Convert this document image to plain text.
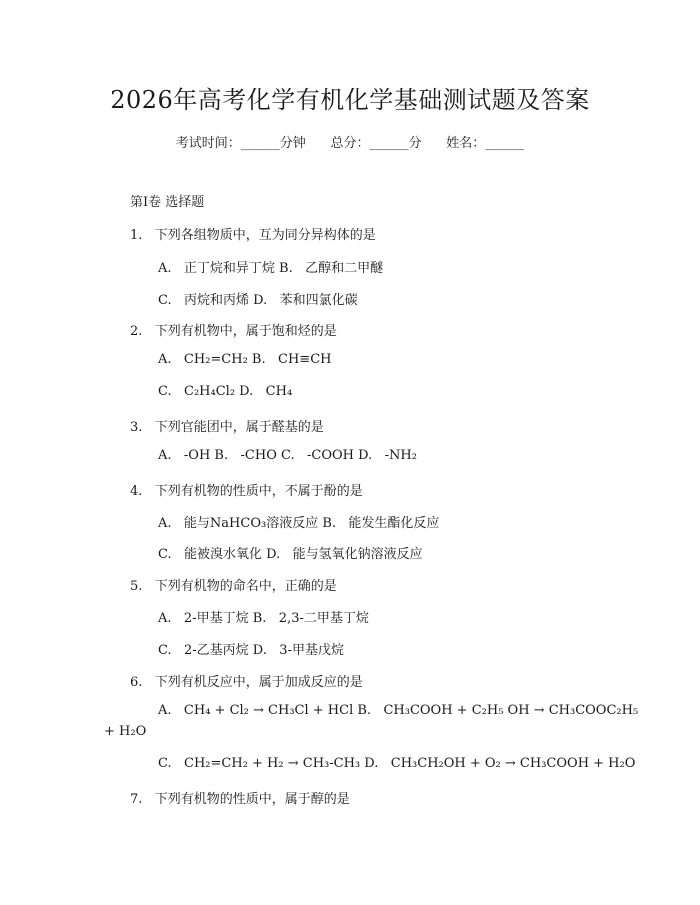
2026年高考化学有机化学基础测试题及答案
考试时间：______分钟      总分：______分      姓名：______
第Ⅰ卷 选择题
1.   下列各组物质中，互为同分异构体的是
A.   正丁烷和异丁烷 B.   乙醇和二甲醚
C.   丙烷和丙烯 D.   苯和四氯化碳
2.   下列有机物中，属于饱和烃的是
A.   CH₂=CH₂ B.   CH≡CH
C.   C₂H₄Cl₂ D.   CH₄
3.   下列官能团中，属于醛基的是
A.   -OH B.   -CHO C.   -COOH D.   -NH₂
4.   下列有机物的性质中，不属于酚的是
A.   能与NaHCO₃溶液反应 B.   能发生酯化反应
C.   能被溴水氧化 D.   能与氢氧化钠溶液反应
5.   下列有机物的命名中，正确的是
A.   2-甲基丁烷 B.   2,3-二甲基丁烷
C.   2-乙基丙烷 D.   3-甲基戊烷
6.   下列有机反应中，属于加成反应的是
A.   CH₄ + Cl₂ → CH₃Cl + HCl B.   CH₃COOH + C₂H₅ OH → CH₃COOC₂H₅
+ H₂O
C.   CH₂=CH₂ + H₂ → CH₃-CH₃ D.   CH₃CH₂OH + O₂ → CH₃COOH + H₂O
7.   下列有机物的性质中，属于醇的是
